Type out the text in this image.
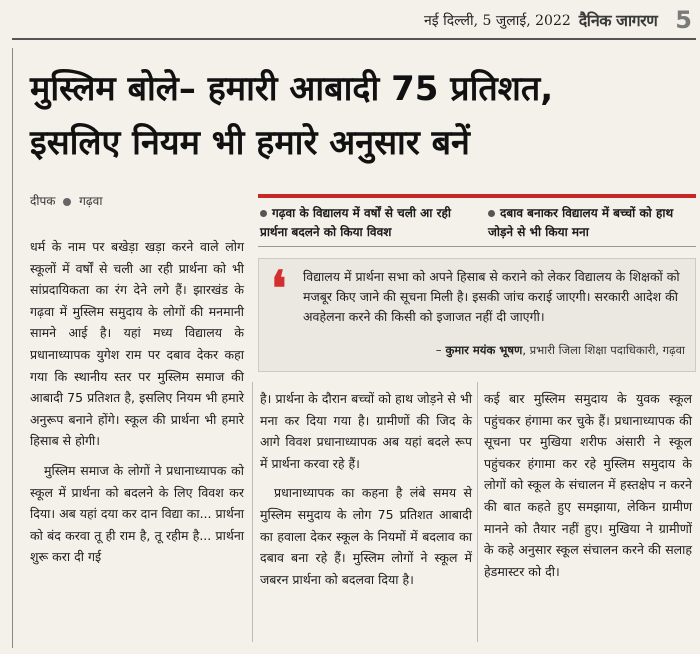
नई दिल्ली, 5 जुलाई, 2022 दैनिक जागरण 5
मुस्लिम बोले– हमारी आबादी 75 प्रतिशत,
इसलिए नियम भी हमारे अनुसार बनें
दीपक गढ़वा
गढ़वा के विद्यालय में वर्षों से चली आ रही प्रार्थना बदलने को किया विवश
दबाव बनाकर विद्यालय में बच्चों को हाथ जोड़ने से भी किया मना
❛ विद्यालय में प्रार्थना सभा को अपने हिसाब से कराने को लेकर विद्यालय के शिक्षकों को मजबूर किए जाने की सूचना मिली है। इसकी जांच कराई जाएगी। सरकारी आदेश की अवहेलना करने की किसी को इजाजत नहीं दी जाएगी।
– कुमार मयंक भूषण, प्रभारी जिला शिक्षा पदाधिकारी, गढ़वा

धर्म के नाम पर बखेड़ा खड़ा करने वाले लोग स्कूलों में वर्षों से चली आ रही प्रार्थना को भी सांप्रदायिकता का रंग देने लगे हैं। झारखंड के गढ़वा में मुस्लिम समुदाय के लोगों की मनमानी सामने आई है। यहां मध्य विद्यालय के प्रधानाध्यापक युगेश राम पर दबाव देकर कहा गया कि स्थानीय स्तर पर मुस्लिम समाज की आबादी 75 प्रतिशत है, इसलिए नियम भी हमारे अनुरूप बनाने होंगे। स्कूल की प्रार्थना भी हमारे हिसाब से होगी।

मुस्लिम समाज के लोगों ने प्रधानाध्यापक को स्कूल में प्रार्थना को बदलने के लिए विवश कर दिया। अब यहां दया कर दान विद्या का... प्रार्थना को बंद करवा तू ही राम है, तू रहीम है... प्रार्थना शुरू करा दी गई

है। प्रार्थना के दौरान बच्चों को हाथ जोड़ने से भी मना कर दिया गया है। ग्रामीणों की जिद के आगे विवश प्रधानाध्यापक अब यहां बदले रूप में प्रार्थना करवा रहे हैं।

प्रधानाध्यापक का कहना है लंबे समय से मुस्लिम समुदाय के लोग 75 प्रतिशत आबादी का हवाला देकर स्कूल के नियमों में बदलाव का दबाव बना रहे हैं। मुस्लिम लोगों ने स्कूल में जबरन प्रार्थना को बदलवा दिया है।

कई बार मुस्लिम समुदाय के युवक स्कूल पहुंचकर हंगामा कर चुके हैं। प्रधानाध्यापक की सूचना पर मुखिया शरीफ अंसारी ने स्कूल पहुंचकर हंगामा कर रहे मुस्लिम समुदाय के लोगों को स्कूल के संचालन में हस्तक्षेप न करने की बात कहते हुए समझाया, लेकिन ग्रामीण मानने को तैयार नहीं हुए। मुखिया ने ग्रामीणों के कहे अनुसार स्कूल संचालन करने की सलाह हेडमास्टर को दी।
